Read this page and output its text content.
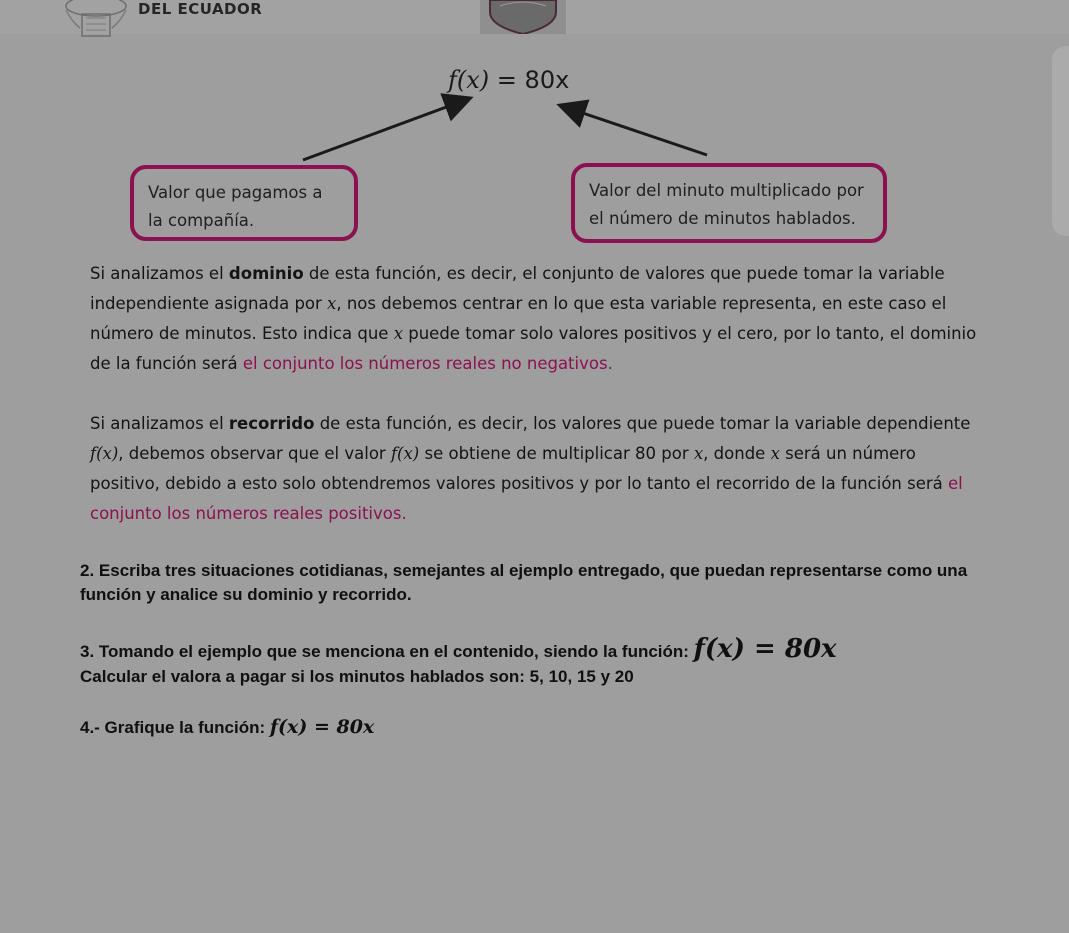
DEL ECUADOR
f(x) = 80x
Valor que pagamos a la compañía.
Valor del minuto multiplicado por el número de minutos hablados.
Si analizamos el dominio de esta función, es decir, el conjunto de valores que puede tomar la variable independiente asignada por x, nos debemos centrar en lo que esta variable representa, en este caso el número de minutos. Esto indica que x puede tomar solo valores positivos y el cero, por lo tanto, el dominio de la función será el conjunto los números reales no negativos.
Si analizamos el recorrido de esta función, es decir, los valores que puede tomar la variable dependiente f(x), debemos observar que el valor f(x) se obtiene de multiplicar 80 por x, donde x será un número positivo, debido a esto solo obtendremos valores positivos y por lo tanto el recorrido de la función será el conjunto los números reales positivos.
2. Escriba tres situaciones cotidianas, semejantes al ejemplo entregado, que puedan representarse como una función y analice su dominio y recorrido.
3. Tomando el ejemplo que se menciona en el contenido, siendo la función: f(x) = 80x
Calcular el valora a pagar si los minutos hablados son: 5, 10, 15 y 20
4.- Grafique la función: f(x) = 80x
